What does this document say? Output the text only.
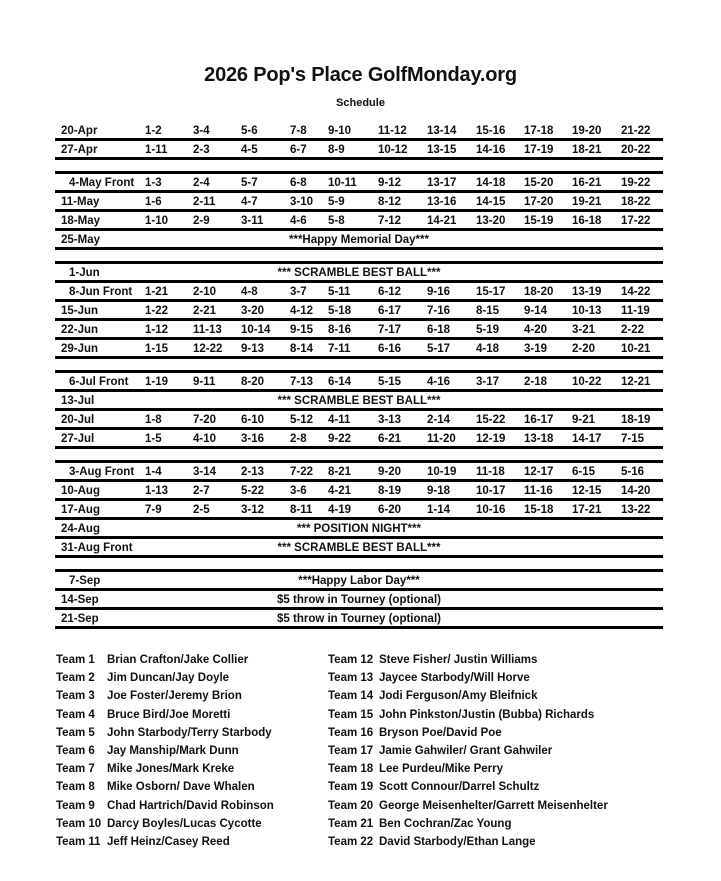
2026 Pop's Place GolfMonday.org
Schedule
20-Apr	1-2	3-4	5-6	7-8 9-10 11-12 13-14 15-16 17-18 19-20 21-22
27-Apr	1-11 2-3	4-5	6-7 8-9	10-12 13-15 14-16 17-19 18-21 20-22
4-May Front 1-3	2-4	5-7	6-8 10-11 9-12 13-17 14-18 15-20 16-21 19-22
11-May	1-6	2-11 4-7	3-10 5-9	8-12 13-16 14-15 17-20 19-21 18-22
18-May	1-10 2-9	3-11 4-6 5-8	7-12 14-21 13-20 15-19 16-18 17-22
25-May	***Happy Memorial Day***
1-Jun	*** SCRAMBLE BEST BALL***
8-Jun Front 1-21 2-10 4-8	3-7 5-11 6-12 9-16 15-17 18-20 13-19 14-22
15-Jun	1-22 2-21 3-20 4-12 5-18 6-17 7-16 8-15 9-14 10-13 11-19
22-Jun	1-12 11-13 10-14 9-15 8-16 7-17 6-18 5-19 4-20 3-21 2-22
29-Jun	1-15 12-22 9-13 8-14 7-11 6-16 5-17 4-18 3-19 2-20 10-21
6-Jul Front 1-19 9-11 8-20 7-13 6-14 5-15 4-16 3-17 2-18 10-22 12-21
13-Jul	*** SCRAMBLE BEST BALL***
20-Jul	1-8	7-20 6-10 5-12 4-11 3-13 2-14 15-22 16-17 9-21 18-19
27-Jul	1-5	4-10 3-16 2-8 9-22 6-21 11-20 12-19 13-18 14-17 7-15
3-Aug Front 1-4	3-14 2-13 7-22 8-21 9-20 10-19 11-18 12-17 6-15 5-16
10-Aug	1-13 2-7	5-22 3-6 4-21 8-19 9-18 10-17 11-16 12-15 14-20
17-Aug	7-9	2-5	3-12 8-11 4-19 6-20 1-14 10-16 15-18 17-21 13-22
24-Aug	*** POSITION NIGHT***
31-Aug Front	*** SCRAMBLE BEST BALL***
7-Sep	***Happy Labor Day***
14-Sep	$5 throw in Tourney (optional)
21-Sep	$5 throw in Tourney (optional)
Team 1 Brian Crafton/Jake Collier
Team 2 Jim Duncan/Jay Doyle
Team 3 Joe Foster/Jeremy Brion
Team 4 Bruce Bird/Joe Moretti
Team 5 John Starbody/Terry Starbody
Team 6 Jay Manship/Mark Dunn
Team 7 Mike Jones/Mark Kreke
Team 8 Mike Osborn/ Dave Whalen
Team 9 Chad Hartrich/David Robinson
Team 10 Darcy Boyles/Lucas Cycotte
Team 11 Jeff Heinz/Casey Reed
Team 12 Steve Fisher/ Justin Williams
Team 13 Jaycee Starbody/Will Horve
Team 14 Jodi Ferguson/Amy Bleifnick
Team 15 John Pinkston/Justin (Bubba) Richards
Team 16 Bryson Poe/David Poe
Team 17 Jamie Gahwiler/ Grant Gahwiler
Team 18 Lee Purdeu/Mike Perry
Team 19 Scott Connour/Darrel Schultz
Team 20 George Meisenhelter/Garrett Meisenhelter
Team 21 Ben Cochran/Zac Young
Team 22 David Starbody/Ethan Lange
